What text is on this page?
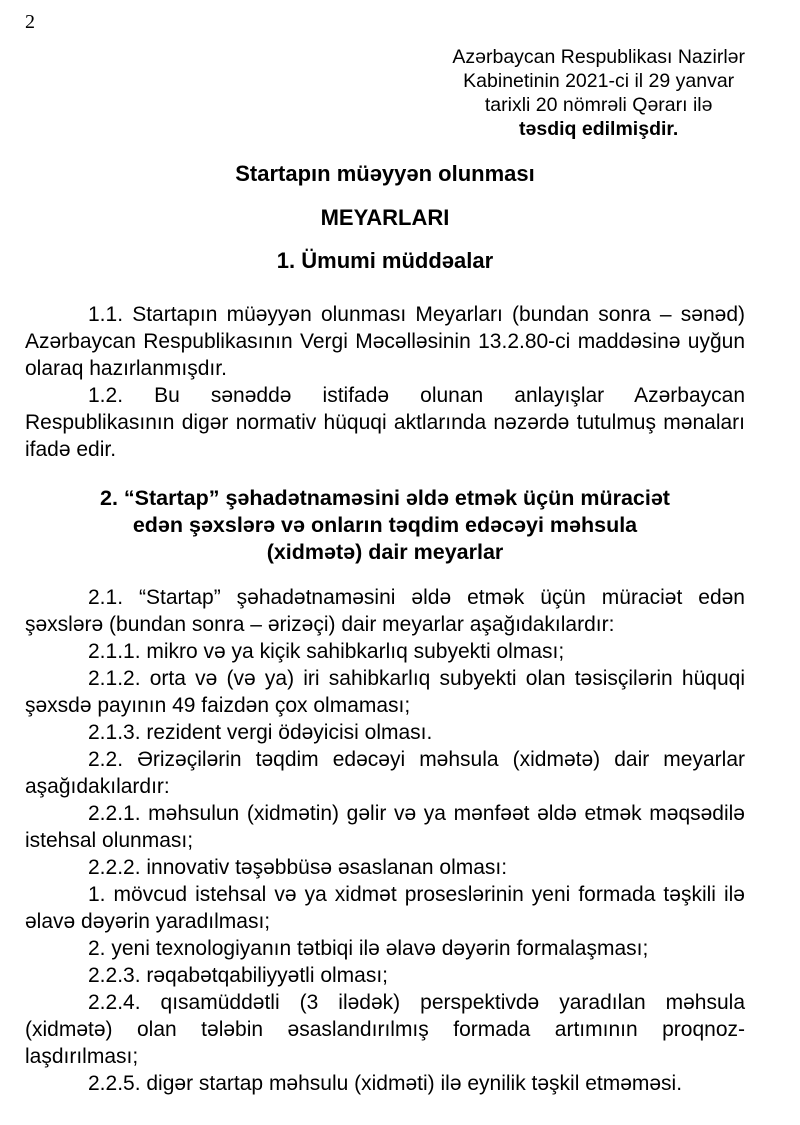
2
Azərbaycan Respublikası Nazirlər
Kabinetinin 2021-ci il 29 yanvar
tarixli 20 nömrəli Qərarı ilə
təsdiq edilmişdir.
Startapın müəyyən olunması
MEYARLARI
1. Ümumi müddəalar

1.1. Startapın müəyyən olunması Meyarları (bundan sonra – sənəd) Azərbaycan Respublikasının Vergi Məcəlləsinin 13.2.80-ci maddəsinə uyğun olaraq hazırlanmışdır.

1.2. Bu sənəddə istifadə olunan anlayışlar Azərbaycan Respublikasının digər normativ hüquqi aktlarında nəzərdə tutulmuş mənaları ifadə edir.

2. “Startap” şəhadətnaməsini əldə etmək üçün müraciət
edən şəxslərə və onların təqdim edəcəyi məhsula
(xidmətə) dair meyarlar

2.1. “Startap” şəhadətnaməsini əldə etmək üçün müraciət edən şəxslərə (bundan sonra – ərizəçi) dair meyarlar aşağıdakılardır:

2.1.1. mikro və ya kiçik sahibkarlıq subyekti olması;

2.1.2. orta və (və ya) iri sahibkarlıq subyekti olan təsisçilərin hüquqi şəxsdə payının 49 faizdən çox olmaması;

2.1.3. rezident vergi ödəyicisi olması.

2.2. Ərizəçilərin təqdim edəcəyi məhsula (xidmətə) dair meyarlar aşağıdakılardır:

2.2.1. məhsulun (xidmətin) gəlir və ya mənfəət əldə etmək məqsədilə istehsal olunması;

2.2.2. innovativ təşəbbüsə əsaslanan olması:

1. mövcud istehsal və ya xidmət proseslərinin yeni formada təşkili ilə əlavə dəyərin yaradılması;

2. yeni texnologiyanın tətbiqi ilə əlavə dəyərin formalaşması;

2.2.3. rəqabətqabiliyyətli olması;

2.2.4. qısamüddətli (3 ilədək) perspektivdə yaradılan məhsula (xidmətə) olan tələbin əsaslandırılmış formada artımının proqnoz-laşdırılması;

2.2.5. digər startap məhsulu (xidməti) ilə eynilik təşkil etməməsi.
